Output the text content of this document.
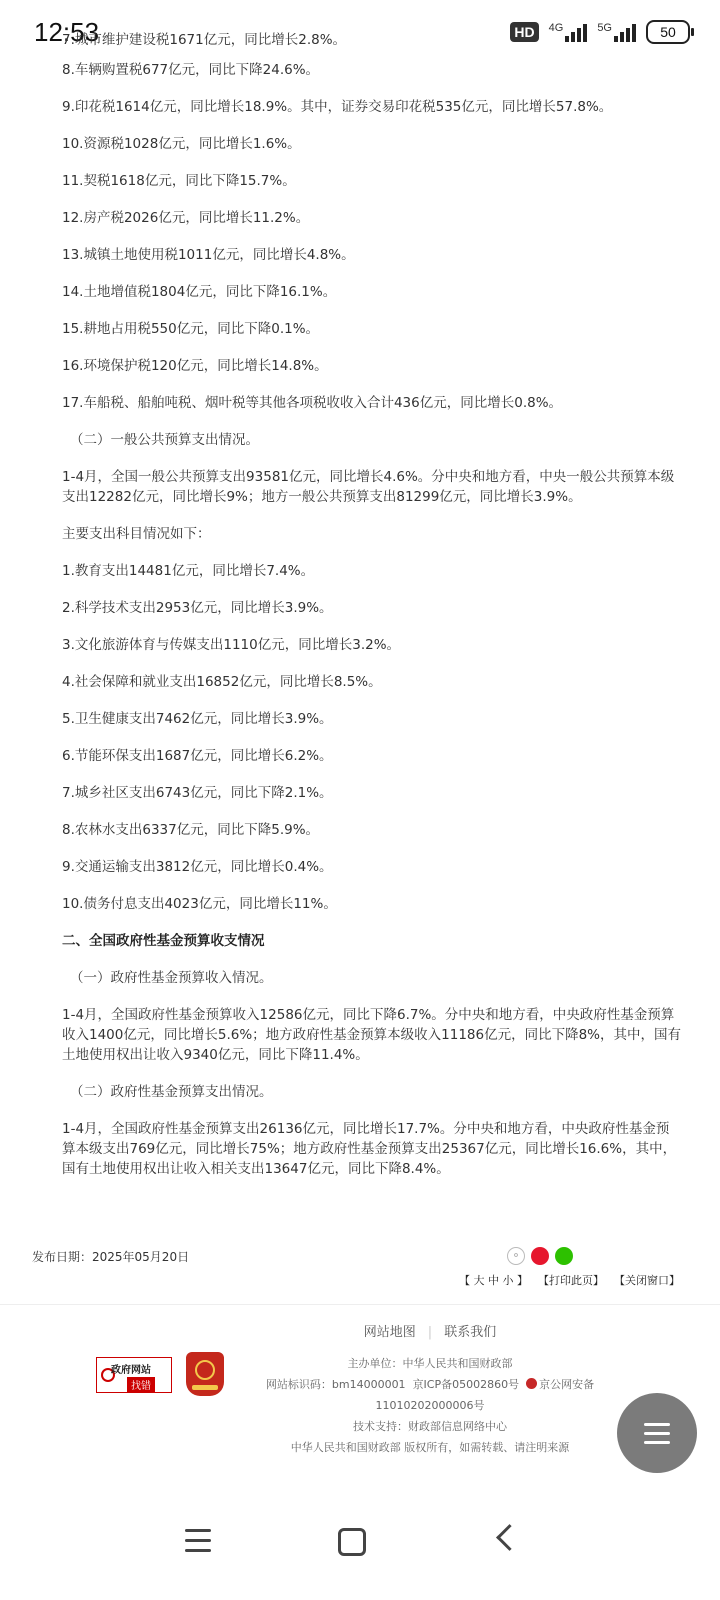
12:53	HD	4G	5G	50

7.城市维护建设税1671亿元，同比增长2.8%。

8.车辆购置税677亿元，同比下降24.6%。

9.印花税1614亿元，同比增长18.9%。其中，证券交易印花税535亿元，同比增长57.8%。

10.资源税1028亿元，同比增长1.6%。

11.契税1618亿元，同比下降15.7%。

12.房产税2026亿元，同比增长11.2%。

13.城镇土地使用税1011亿元，同比增长4.8%。

14.土地增值税1804亿元，同比下降16.1%。

15.耕地占用税550亿元，同比下降0.1%。

16.环境保护税120亿元，同比增长14.8%。

17.车船税、船舶吨税、烟叶税等其他各项税收收入合计436亿元，同比增长0.8%。

（二）一般公共预算支出情况。

1-4月，全国一般公共预算支出93581亿元，同比增长4.6%。分中央和地方看，中央一般公共预算本级支出12282亿元，同比增长9%；地方一般公共预算支出81299亿元，同比增长3.9%。

主要支出科目情况如下：

1.教育支出14481亿元，同比增长7.4%。

2.科学技术支出2953亿元，同比增长3.9%。

3.文化旅游体育与传媒支出1110亿元，同比增长3.2%。

4.社会保障和就业支出16852亿元，同比增长8.5%。

5.卫生健康支出7462亿元，同比增长3.9%。

6.节能环保支出1687亿元，同比增长6.2%。

7.城乡社区支出6743亿元，同比下降2.1%。

8.农林水支出6337亿元，同比下降5.9%。

9.交通运输支出3812亿元，同比增长0.4%。

10.债务付息支出4023亿元，同比增长11%。

二、全国政府性基金预算收支情况

（一）政府性基金预算收入情况。

1-4月，全国政府性基金预算收入12586亿元，同比下降6.7%。分中央和地方看，中央政府性基金预算收入1400亿元，同比增长5.6%；地方政府性基金预算本级收入11186亿元，同比下降8%，其中，国有土地使用权出让收入9340亿元，同比下降11.4%。

（二）政府性基金预算支出情况。

1-4月，全国政府性基金预算支出26136亿元，同比增长17.7%。分中央和地方看，中央政府性基金预算本级支出769亿元，同比增长75%；地方政府性基金预算支出25367亿元，同比增长16.6%，其中，国有土地使用权出让收入相关支出13647亿元，同比下降8.4%。

发布日期：2025年05月20日	⚬
【 大 中 小 】 【打印此页】 【关闭窗口】
网站地图 | 联系我们
主办单位：中华人民共和国财政部
网站标识码：bm14000001 京ICP备05002860号 京公网安备
11010202000006号
技术支持：财政部信息网络中心
中华人民共和国财政部 版权所有，如需转载、请注明来源
政府网站
找错
